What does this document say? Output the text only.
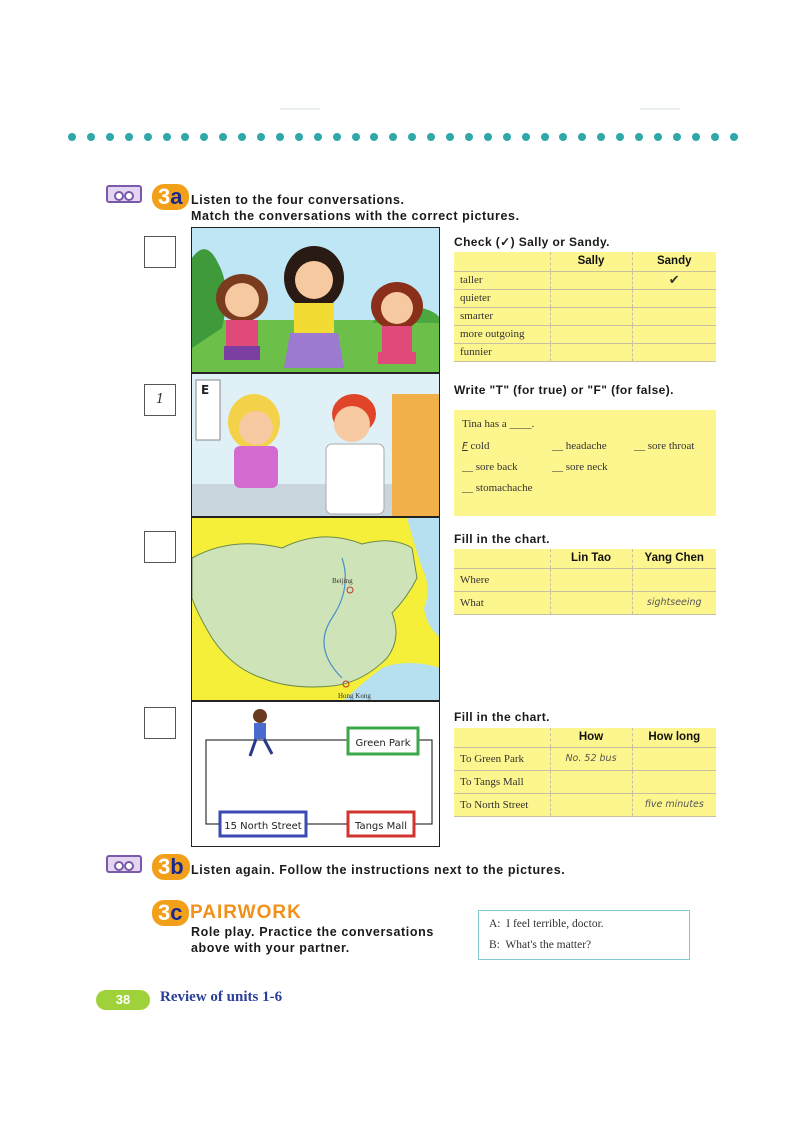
3a Listen to the four conversations.
Match the conversations with the correct pictures.
Check (✓) Sally or Sandy.
	Sally	Sandy
taller		✔
quieter		
smarter		
more outgoing		
funnier		
1
E	Write "T" (for true) or "F" (for false).
Tina has a ____.
F cold	__ headache __ sore throat
__ sore back	__ sore neck
__ stomachache
Beijing
Hong Kong
Fill in the chart.
	Lin Tao	Yang Chen
Where		
What		sightseeing
Green Park
15 North Street	Tangs Mall
Fill in the chart.
	How	How long
To Green Park	No. 52 bus	
To Tangs Mall		
To North Street		five minutes
3b Listen again. Follow the instructions next to the pictures.
3c PAIRWORK
Role play. Practice the conversations
above with your partner.
A: I feel terrible, doctor.
B: What's the matter?
38	Review of units 1-6
